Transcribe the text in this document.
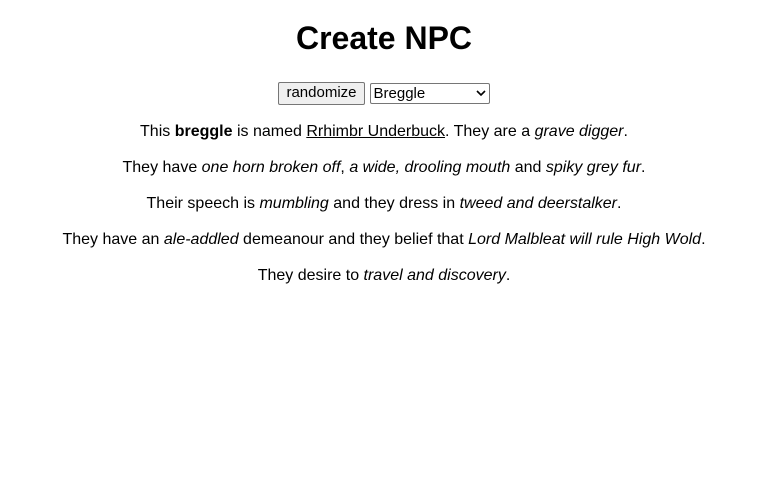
Create NPC
randomize	Breggle

This breggle is named Rrhimbr Underbuck. They are a grave digger.

They have one horn broken off, a wide, drooling mouth and spiky grey fur.

Their speech is mumbling and they dress in tweed and deerstalker.

They have an ale-addled demeanour and they belief that Lord Malbleat will rule High Wold.

They desire to travel and discovery.
